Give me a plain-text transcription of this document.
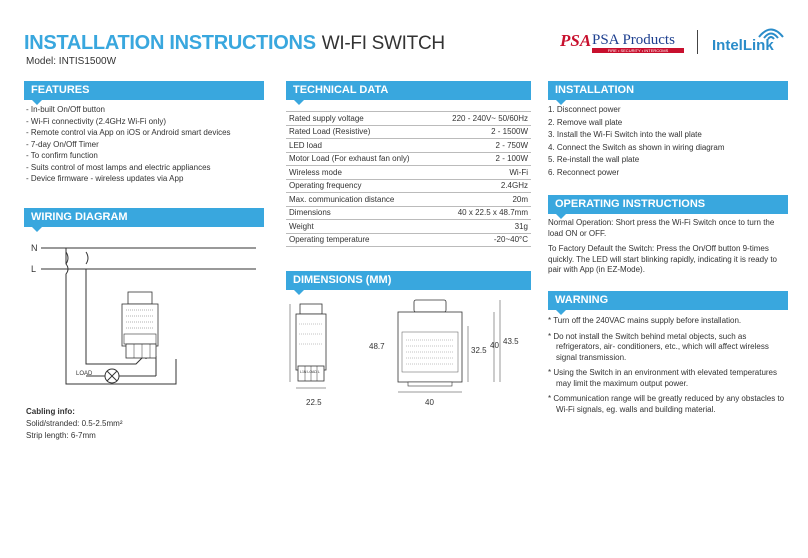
INSTALLATION INSTRUCTIONS WI-FI SWITCH
Model: INTIS1500W
PSA PSA Products
FIRE • SECURITY • INTERCOMS	IntelLink
FEATURES
- In-built On/Off button
- Wi-Fi connectivity (2.4GHz Wi-Fi only)
- Remote control via App on iOS or Android smart devices
- 7-day On/Off Timer
- To confirm function
- Suits control of most lamps and electric appliances
- Device firmware - wireless updates via App
WIRING DIAGRAM
N
L
LOAD
Cabling info:
Solid/stranded: 0.5-2.5mm²
Strip length: 6-7mm
TECHNICAL DATA
Rated supply voltage	220 - 240V~ 50/60Hz
Rated Load (Resistive)	2 - 1500W
LED load	2 - 750W
Motor Load (For exhaust fan only)	2 - 100W
Wireless mode	Wi-Fi
Operating frequency	2.4GHz
Max. communication distance	20m
Dimensions	40 x 22.5 x 48.7mm
Weight	31g
Operating temperature	-20~40°C
DIMENSIONS (MM)
L1N LOAD L
48.7
22.5	40
32.5
40 43.5
INSTALLATION
1. Disconnect power
2. Remove wall plate
3. Install the Wi-Fi Switch into the wall plate
4. Connect the Switch as shown in wiring diagram
5. Re-install the wall plate
6. Reconnect power
OPERATING INSTRUCTIONS

Normal Operation: Short press the Wi-Fi Switch once to turn the load ON or OFF.

To Factory Default the Switch: Press the On/Off button 9-times quickly. The LED will start blinking rapidly, indicating it is ready to pair with App (in EZ-Mode).

WARNING

* Turn off the 240VAC mains supply before installation.

* Do not install the Switch behind metal objects, such as refrigerators, air- conditioners, etc., which will affect wireless signal transmission.

* Using the Switch in an environment with elevated temperatures may limit the maximum output power.

* Communication range will be greatly reduced by any obstacles to Wi-Fi signals, eg. walls and building material.
